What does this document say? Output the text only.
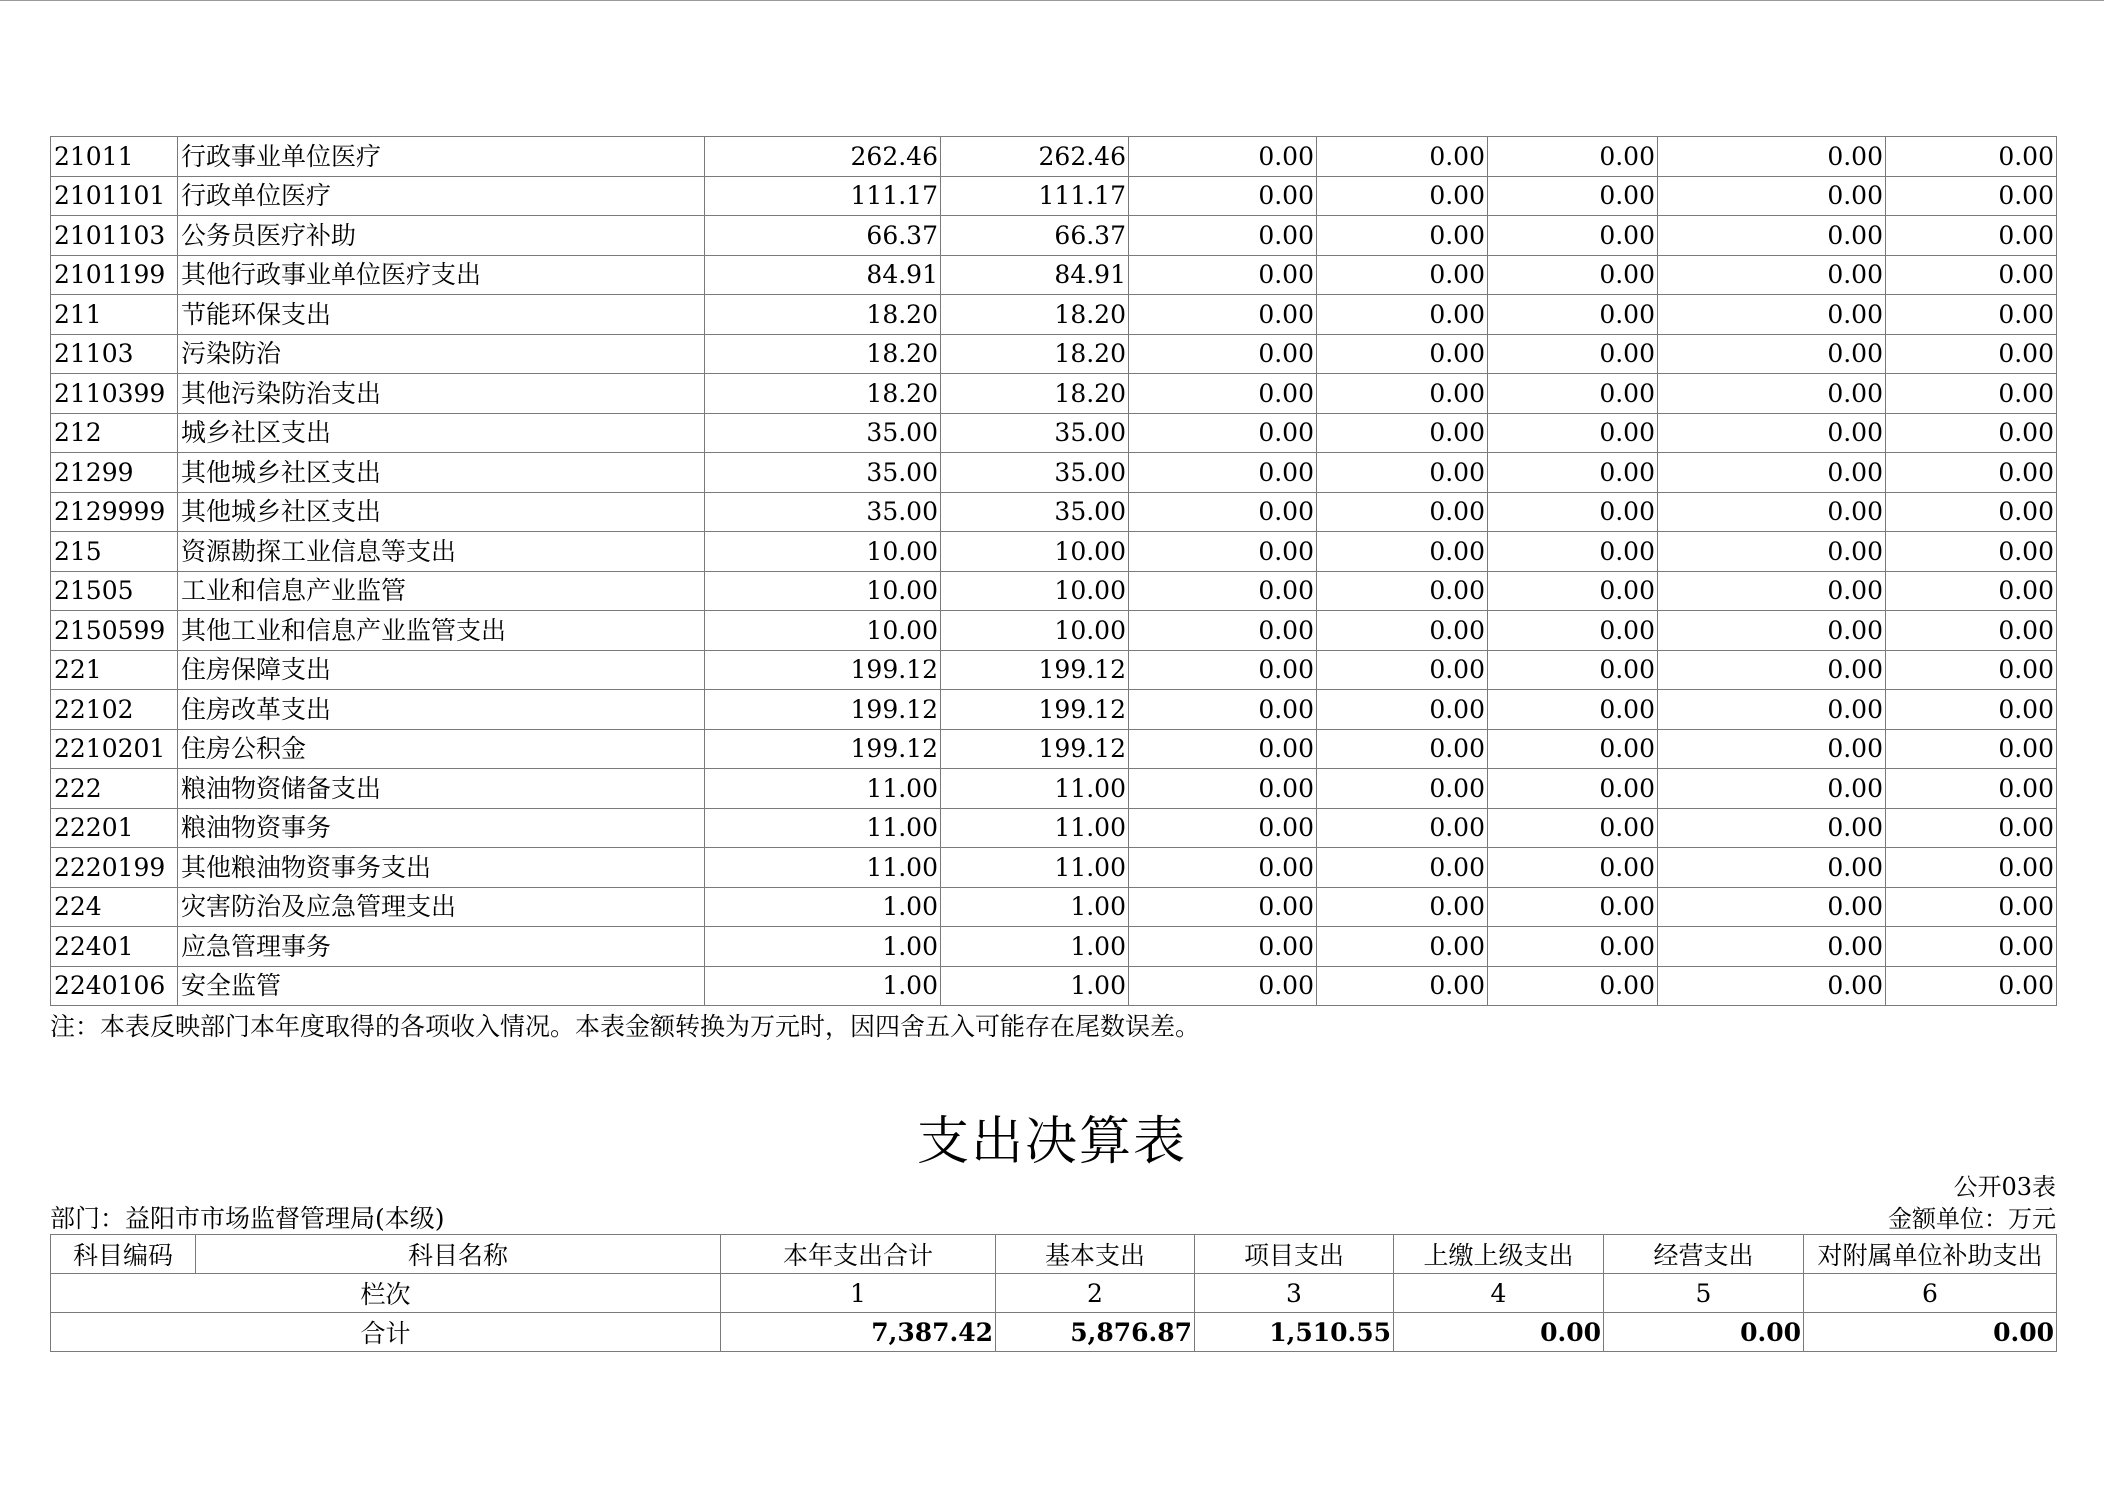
21011	行政事业单位医疗	262.46	262.46	0.00	0.00	0.00	0.00	0.00
2101101	行政单位医疗	111.17	111.17	0.00	0.00	0.00	0.00	0.00
2101103	公务员医疗补助	66.37	66.37	0.00	0.00	0.00	0.00	0.00
2101199	其他行政事业单位医疗支出	84.91	84.91	0.00	0.00	0.00	0.00	0.00
211	节能环保支出	18.20	18.20	0.00	0.00	0.00	0.00	0.00
21103	污染防治	18.20	18.20	0.00	0.00	0.00	0.00	0.00
2110399	其他污染防治支出	18.20	18.20	0.00	0.00	0.00	0.00	0.00
212	城乡社区支出	35.00	35.00	0.00	0.00	0.00	0.00	0.00
21299	其他城乡社区支出	35.00	35.00	0.00	0.00	0.00	0.00	0.00
2129999	其他城乡社区支出	35.00	35.00	0.00	0.00	0.00	0.00	0.00
215	资源勘探工业信息等支出	10.00	10.00	0.00	0.00	0.00	0.00	0.00
21505	工业和信息产业监管	10.00	10.00	0.00	0.00	0.00	0.00	0.00
2150599	其他工业和信息产业监管支出	10.00	10.00	0.00	0.00	0.00	0.00	0.00
221	住房保障支出	199.12	199.12	0.00	0.00	0.00	0.00	0.00
22102	住房改革支出	199.12	199.12	0.00	0.00	0.00	0.00	0.00
2210201	住房公积金	199.12	199.12	0.00	0.00	0.00	0.00	0.00
222	粮油物资储备支出	11.00	11.00	0.00	0.00	0.00	0.00	0.00
22201	粮油物资事务	11.00	11.00	0.00	0.00	0.00	0.00	0.00
2220199	其他粮油物资事务支出	11.00	11.00	0.00	0.00	0.00	0.00	0.00
224	灾害防治及应急管理支出	1.00	1.00	0.00	0.00	0.00	0.00	0.00
22401	应急管理事务	1.00	1.00	0.00	0.00	0.00	0.00	0.00
2240106	安全监管	1.00	1.00	0.00	0.00	0.00	0.00	0.00
注：本表反映部门本年度取得的各项收入情况。本表金额转换为万元时，因四舍五入可能存在尾数误差。
支出决算表
公开03表
部门：益阳市市场监督管理局(本级)	金额单位：万元
科目编码	科目名称	本年支出合计	基本支出	项目支出	上缴上级支出	经营支出	对附属单位补助支出
栏次		1	2	3	4	5	6
合计		7,387.42	5,876.87	1,510.55	0.00	0.00	0.00
